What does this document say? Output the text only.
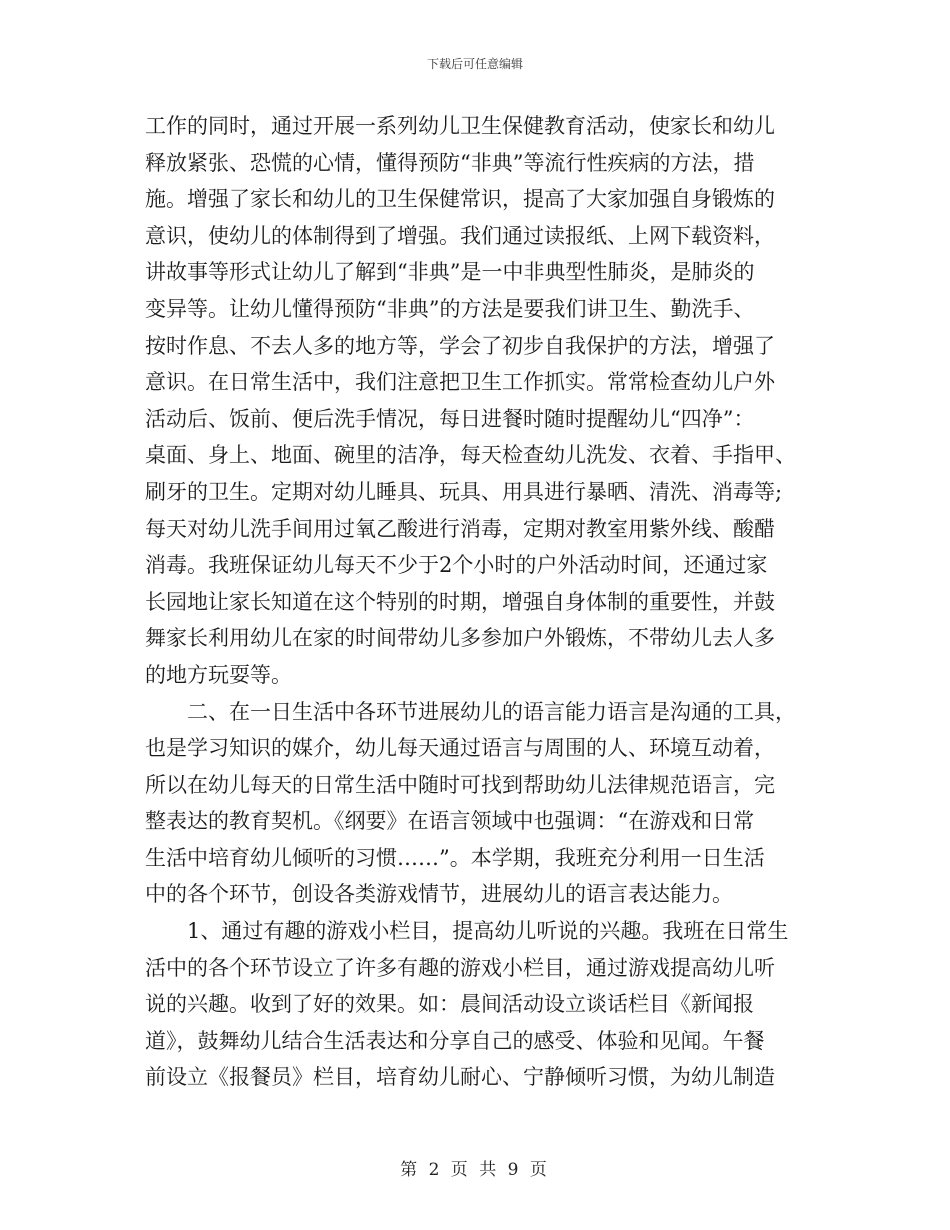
下载后可任意编辑
工作的同时，通过开展一系列幼儿卫生保健教育活动，使家长和幼儿
释放紧张、恐慌的心情，懂得预防“非典”等流行性疾病的方法，措
施。增强了家长和幼儿的卫生保健常识，提高了大家加强自身锻炼的
意识，使幼儿的体制得到了增强。我们通过读报纸、上网下载资料，
讲故事等形式让幼儿了解到“非典”是一中非典型性肺炎，是肺炎的
变异等。让幼儿懂得预防“非典”的方法是要我们讲卫生、勤洗手、
按时作息、不去人多的地方等，学会了初步自我保护的方法，增强了
意识。在日常生活中，我们注意把卫生工作抓实。常常检查幼儿户外
活动后、饭前、便后洗手情况，每日进餐时随时提醒幼儿“四净”：
桌面、身上、地面、碗里的洁净，每天检查幼儿洗发、衣着、手指甲、
刷牙的卫生。定期对幼儿睡具、玩具、用具进行暴晒、清洗、消毒等;
每天对幼儿洗手间用过氧乙酸进行消毒，定期对教室用紫外线、酸醋
消毒。我班保证幼儿每天不少于2个小时的户外活动时间，还通过家
长园地让家长知道在这个特别的时期，增强自身体制的重要性，并鼓
舞家长利用幼儿在家的时间带幼儿多参加户外锻炼，不带幼儿去人多
的地方玩耍等。
二、在一日生活中各环节进展幼儿的语言能力语言是沟通的工具，
也是学习知识的媒介，幼儿每天通过语言与周围的人、环境互动着，
所以在幼儿每天的日常生活中随时可找到帮助幼儿法律规范语言，完
整表达的教育契机。《纲要》在语言领域中也强调：“在游戏和日常
生活中培育幼儿倾听的习惯……”。本学期，我班充分利用一日生活
中的各个环节，创设各类游戏情节，进展幼儿的语言表达能力。
1、通过有趣的游戏小栏目，提高幼儿听说的兴趣。我班在日常生
活中的各个环节设立了许多有趣的游戏小栏目，通过游戏提高幼儿听
说的兴趣。收到了好的效果。如：晨间活动设立谈话栏目《新闻报
道》，鼓舞幼儿结合生活表达和分享自己的感受、体验和见闻。午餐
前设立《报餐员》栏目，培育幼儿耐心、宁静倾听习惯，为幼儿制造
第 2 页 共 9 页
